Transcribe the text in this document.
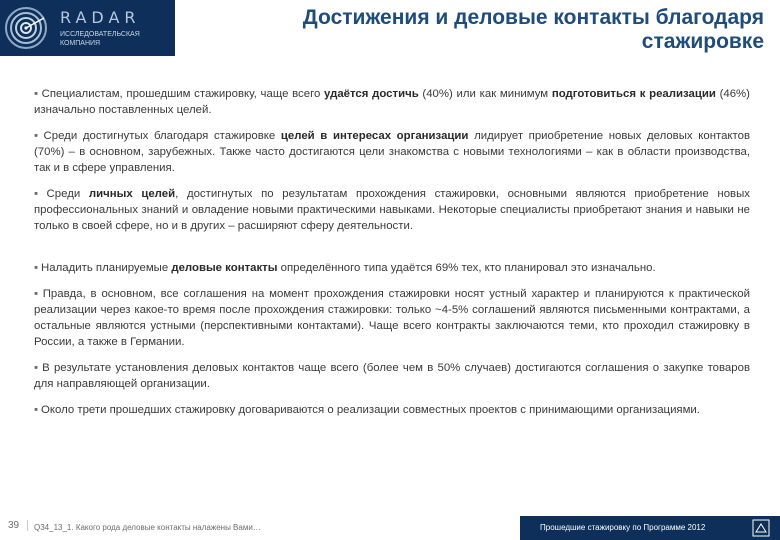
RADAR
ИССЛЕДОВАТЕЛЬСКАЯ КОМПАНИЯ
Достижения и деловые контакты благодаря стажировке

▪ Специалистам, прошедшим стажировку, чаще всего удаётся достичь (40%) или как минимум подготовиться к реализации (46%) изначально поставленных целей.

▪ Среди достигнутых благодаря стажировке целей в интересах организации лидирует приобретение новых деловых контактов (70%) – в основном, зарубежных. Также часто достигаются цели знакомства с новыми технологиями – как в области производства, так и в сфере управления.

▪ Среди личных целей, достигнутых по результатам прохождения стажировки, основными являются приобретение новых профессиональных знаний и овладение новыми практическими навыками. Некоторые специалисты приобретают знания и навыки не только в своей сфере, но и в других – расширяют сферу деятельности.

▪ Наладить планируемые деловые контакты определённого типа удаётся 69% тех, кто планировал это изначально.

▪ Правда, в основном, все соглашения на момент прохождения стажировки носят устный характер и планируются к практической реализации через какое-то время после прохождения стажировки: только ~4-5% соглашений являются письменными контрактами, а остальные являются устными (перспективными контактами). Чаще всего контракты заключаются теми, кто проходил стажировку в России, а также в Германии.

▪ В результате установления деловых контактов чаще всего (более чем в 50% случаев) достигаются соглашения о закупке товаров для направляющей организации.

▪ Около трети прошедших стажировку договариваются о реализации совместных проектов с принимающими организациями.

39	Q34_13_1. Какого рода деловые контакты налажены Вами…	Прошедшие стажировку по Программе 2012
